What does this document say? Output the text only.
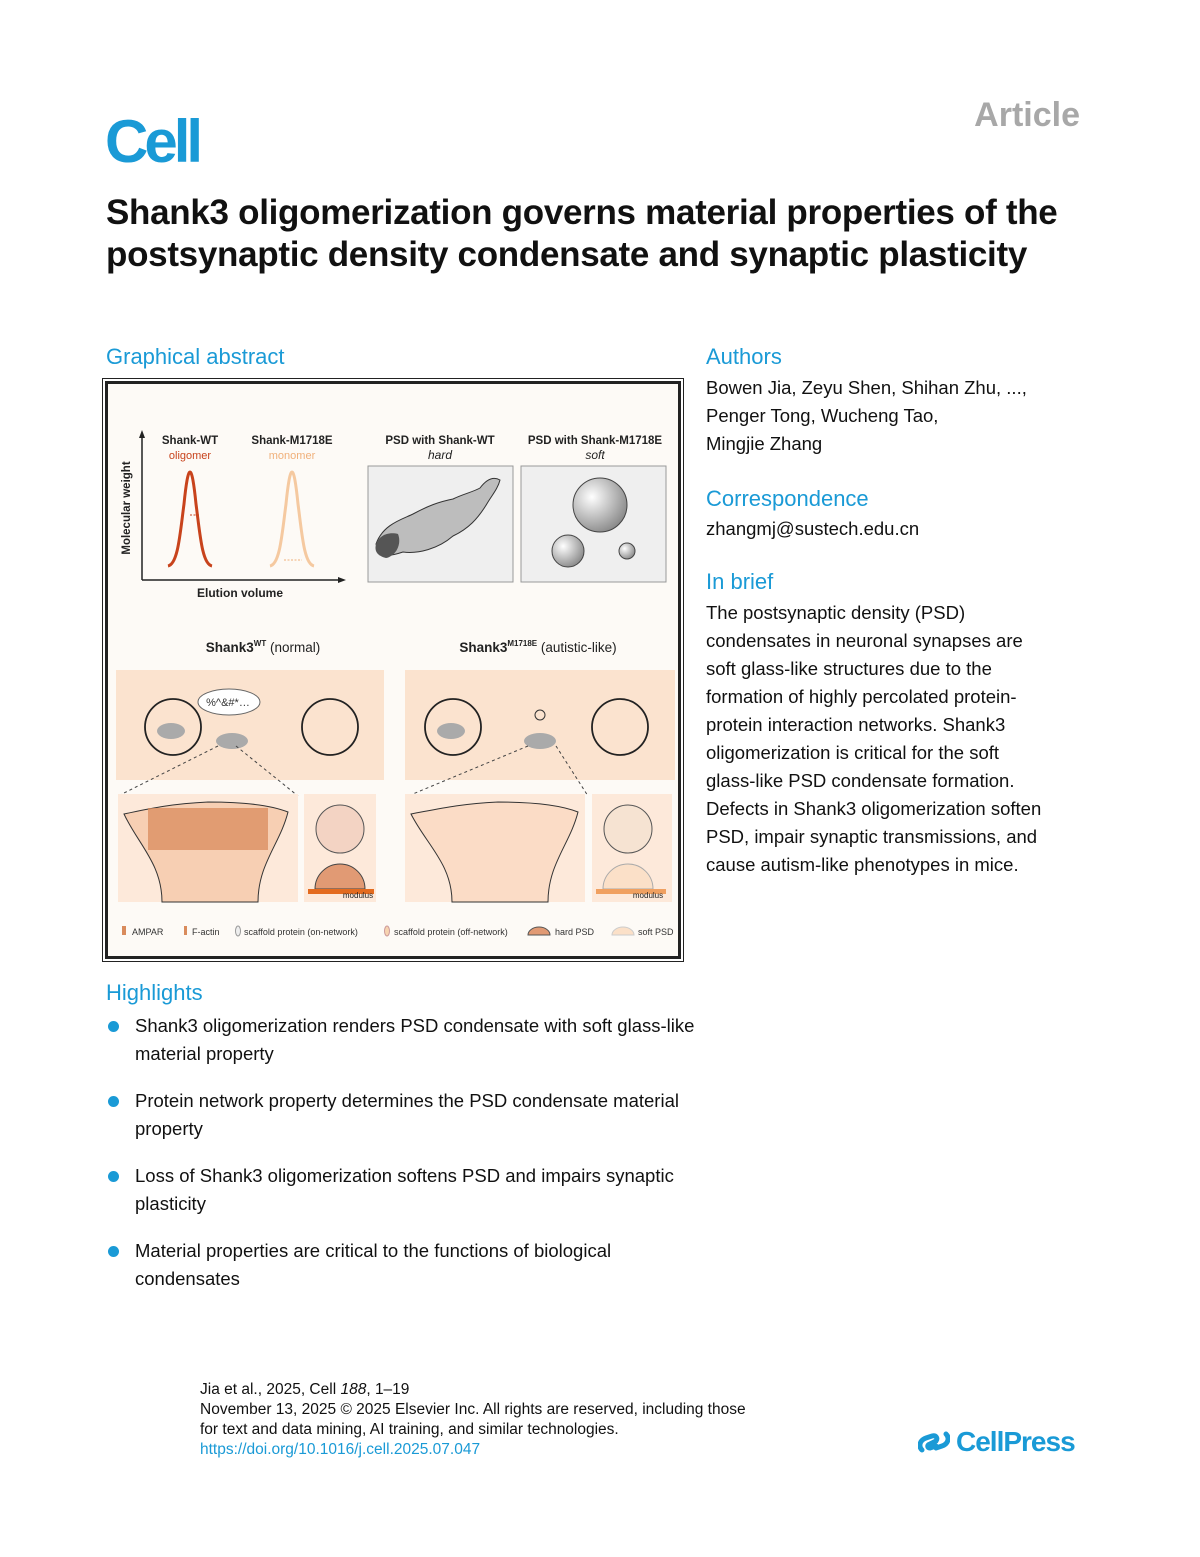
Cell	Article
Shank3 oligomerization governs material properties of the postsynaptic density condensate and synaptic plasticity
Graphical abstract
Molecular weight
Elution volume
Shank-WT
oligomer
Shank-M1718E
monomer
PSD with Shank-WT
hard
PSD with Shank-M1718E
soft
$Shank3^{WT}$ (normal)
%^&#*…
$Shank3^{M1718E}$ (autistic-like)
modulus	modulus
AMPAR	F-actin	scaffold protein (on-network)	scaffold protein (off-network)	hard PSD	soft PSD
Authors
Bowen Jia, Zeyu Shen, Shihan Zhu, ...,
Penger Tong, Wucheng Tao,
Mingjie Zhang
Correspondence
zhangmj@sustech.edu.cn
In brief
The postsynaptic density (PSD)
condensates in neuronal synapses are
soft glass-like structures due to the
formation of highly percolated protein-
protein interaction networks. Shank3
oligomerization is critical for the soft
glass-like PSD condensate formation.
Defects in Shank3 oligomerization soften
PSD, impair synaptic transmissions, and
cause autism-like phenotypes in mice.
Highlights
Shank3 oligomerization renders PSD condensate with soft glass-like material property
Protein network property determines the PSD condensate material property
Loss of Shank3 oligomerization softens PSD and impairs synaptic plasticity
Material properties are critical to the functions of biological condensates
Jia et al., 2025, Cell 188, 1–19
November 13, 2025 © 2025 Elsevier Inc. All rights are reserved, including those
for text and data mining, AI training, and similar technologies.
https://doi.org/10.1016/j.cell.2025.07.047	CellPress
